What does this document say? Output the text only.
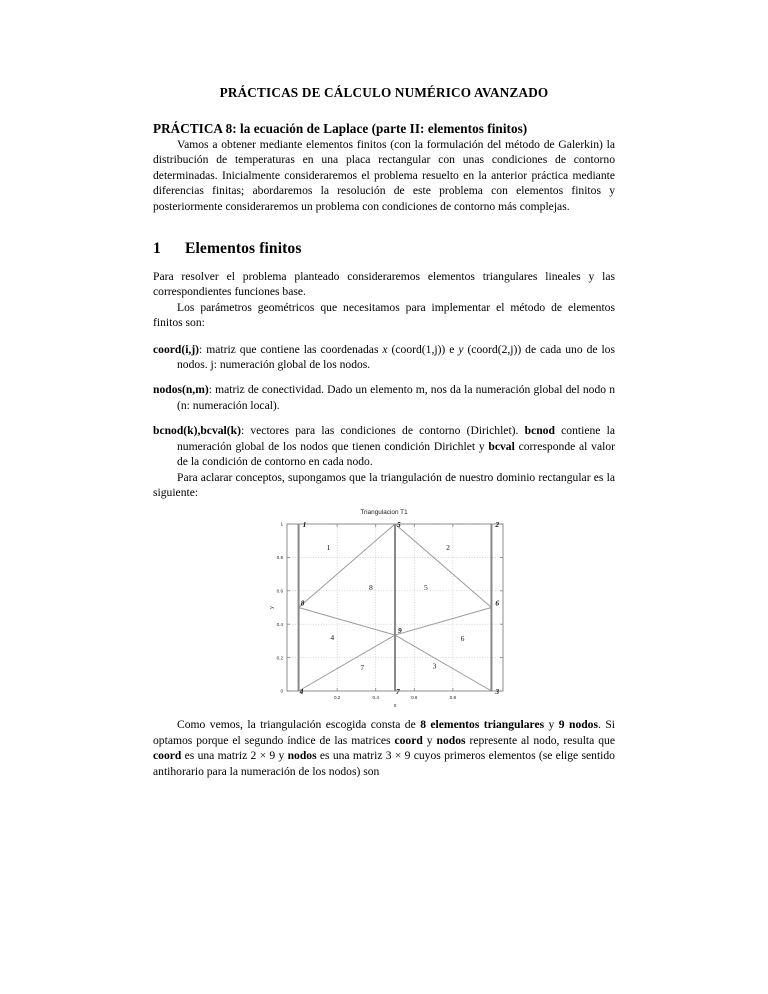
PRÁCTICAS DE CÁLCULO NUMÉRICO AVANZADO
PRÁCTICA 8: la ecuación de Laplace (parte II: elementos finitos)

Vamos a obtener mediante elementos finitos (con la formulación del método de Galerkin) la distribución de temperaturas en una placa rectangular con unas condiciones de contorno determinadas. Inicialmente consideraremos el problema resuelto en la anterior práctica mediante diferencias finitas; abordaremos la resolución de este problema con elementos finitos y posteriormente consideraremos un problema con condiciones de contorno más complejas.

1 Elementos finitos

Para resolver el problema planteado consideraremos elementos triangulares lineales y las correspondientes funciones base.

Los parámetros geométricos que necesitamos para implementar el método de elementos finitos son:

coord(i,j): matriz que contiene las coordenadas x (coord(1,j)) e y (coord(2,j)) de cada uno de los nodos. j: numeración global de los nodos.
nodos(n,m): matriz de conectividad. Dado un elemento m, nos da la numeración global del nodo n (n: numeración local).
bcnod(k),bcval(k): vectores para las condiciones de contorno (Dirichlet). bcnod contiene la numeración global de los nodos que tienen condición Dirichlet y bcval corresponde al valor de la condición de contorno en cada nodo.

Para aclarar conceptos, supongamos que la triangulación de nuestro dominio rectangular es la siguiente:

Triangulacion T1
0.2	0.4	0.6	0.8
0
0.2
0.4
0.6
0.8
1
x
y
1	2
3
4
5
6
7
8
1	2
3
4
5
6
7
8
9

Como vemos, la triangulación escogida consta de 8 elementos triangulares y 9 nodos. Si optamos porque el segundo índice de las matrices coord y nodos represente al nodo, resulta que coord es una matriz 2 × 9 y nodos es una matriz 3 × 9 cuyos primeros elementos (se elige sentido antihorario para la numeración de los nodos) son
